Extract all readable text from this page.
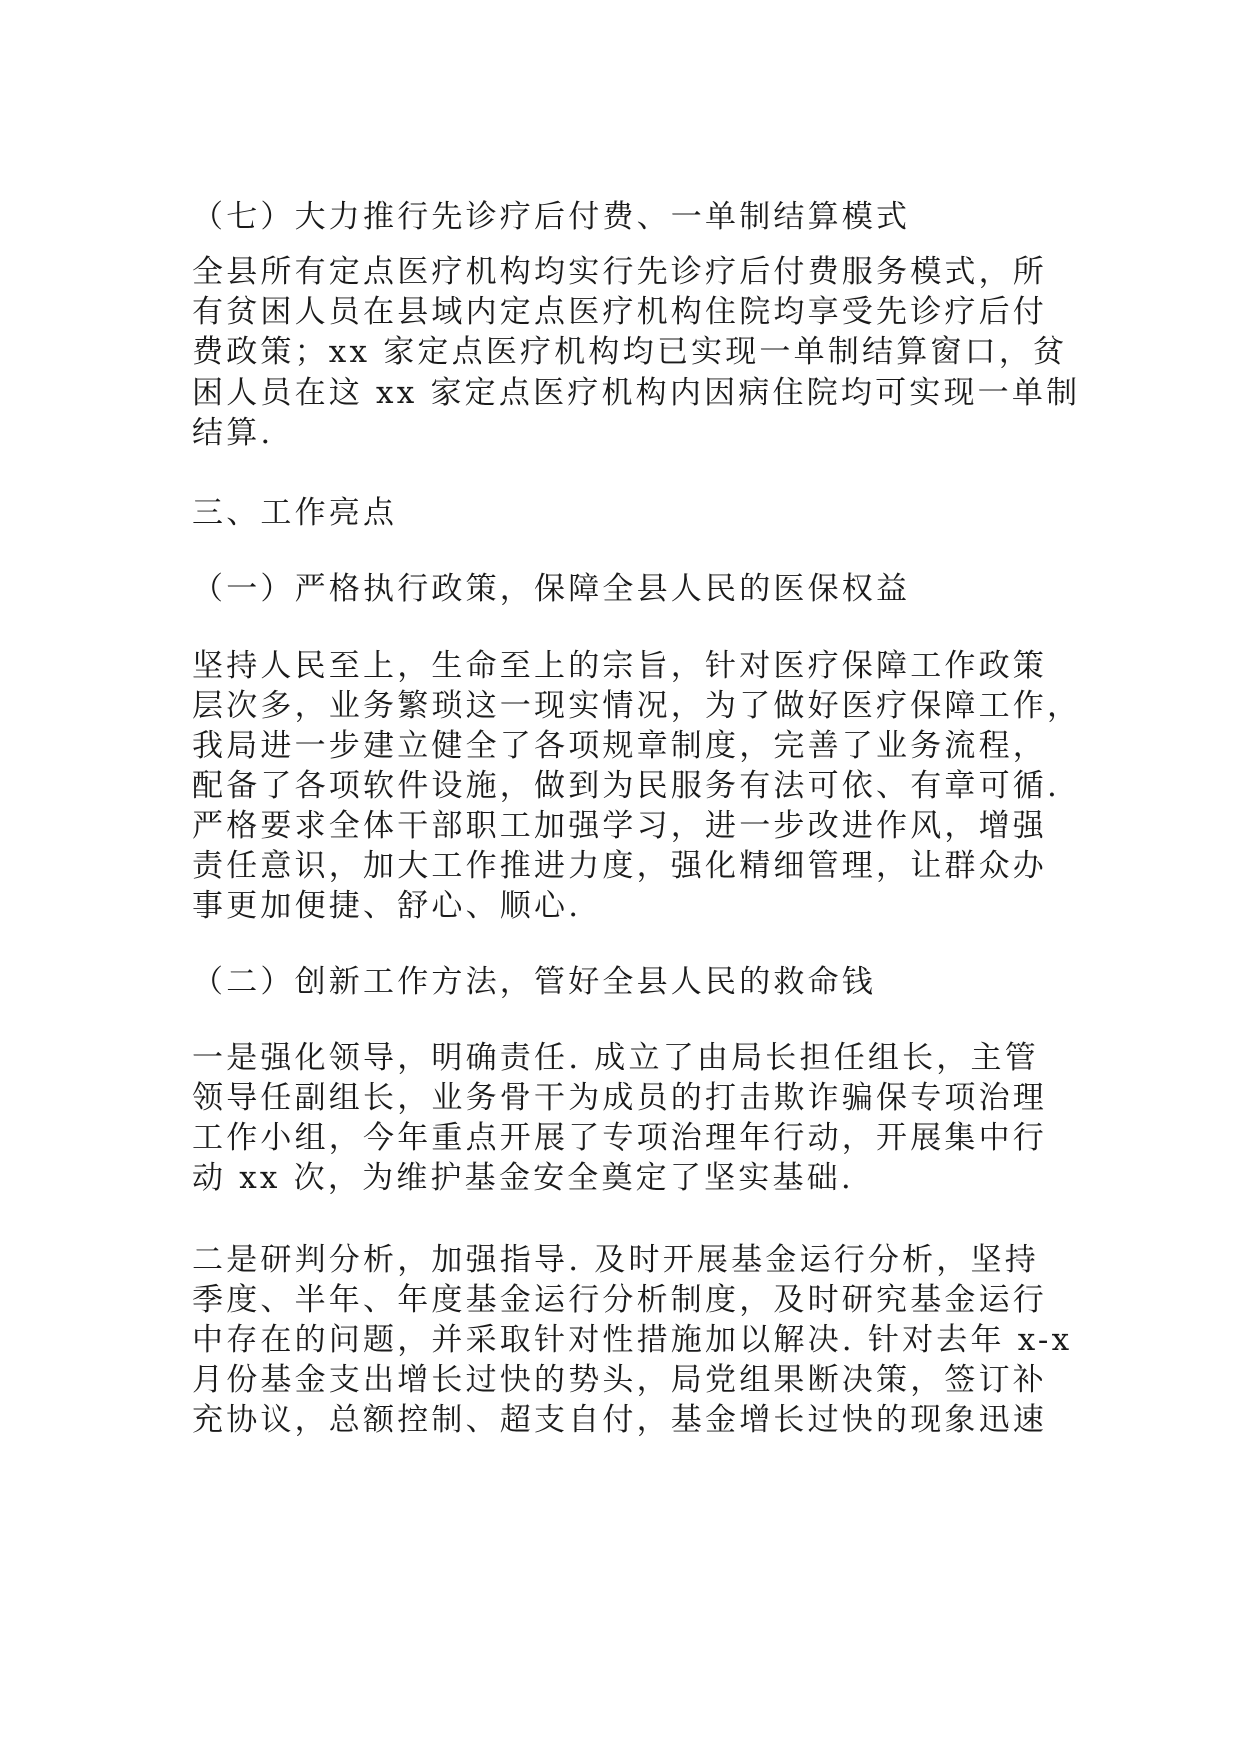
（七）大力推行先诊疗后付费、一单制结算模式
全县所有定点医疗机构均实行先诊疗后付费服务模式，所
有贫困人员在县域内定点医疗机构住院均享受先诊疗后付
费政策；xx 家定点医疗机构均已实现一单制结算窗口，贫
困人员在这 xx 家定点医疗机构内因病住院均可实现一单制
结算.
三、工作亮点
（一）严格执行政策，保障全县人民的医保权益
坚持人民至上，生命至上的宗旨，针对医疗保障工作政策
层次多，业务繁琐这一现实情况，为了做好医疗保障工作，
我局进一步建立健全了各项规章制度，完善了业务流程，
配备了各项软件设施，做到为民服务有法可依、有章可循.
严格要求全体干部职工加强学习，进一步改进作风，增强
责任意识，加大工作推进力度，强化精细管理，让群众办
事更加便捷、舒心、顺心.
（二）创新工作方法，管好全县人民的救命钱
一是强化领导，明确责任. 成立了由局长担任组长，主管
领导任副组长，业务骨干为成员的打击欺诈骗保专项治理
工作小组，今年重点开展了专项治理年行动，开展集中行
动 xx 次，为维护基金安全奠定了坚实基础.
二是研判分析，加强指导. 及时开展基金运行分析，坚持
季度、半年、年度基金运行分析制度，及时研究基金运行
中存在的问题，并采取针对性措施加以解决. 针对去年 x-x
月份基金支出增长过快的势头，局党组果断决策，签订补
充协议，总额控制、超支自付，基金增长过快的现象迅速
